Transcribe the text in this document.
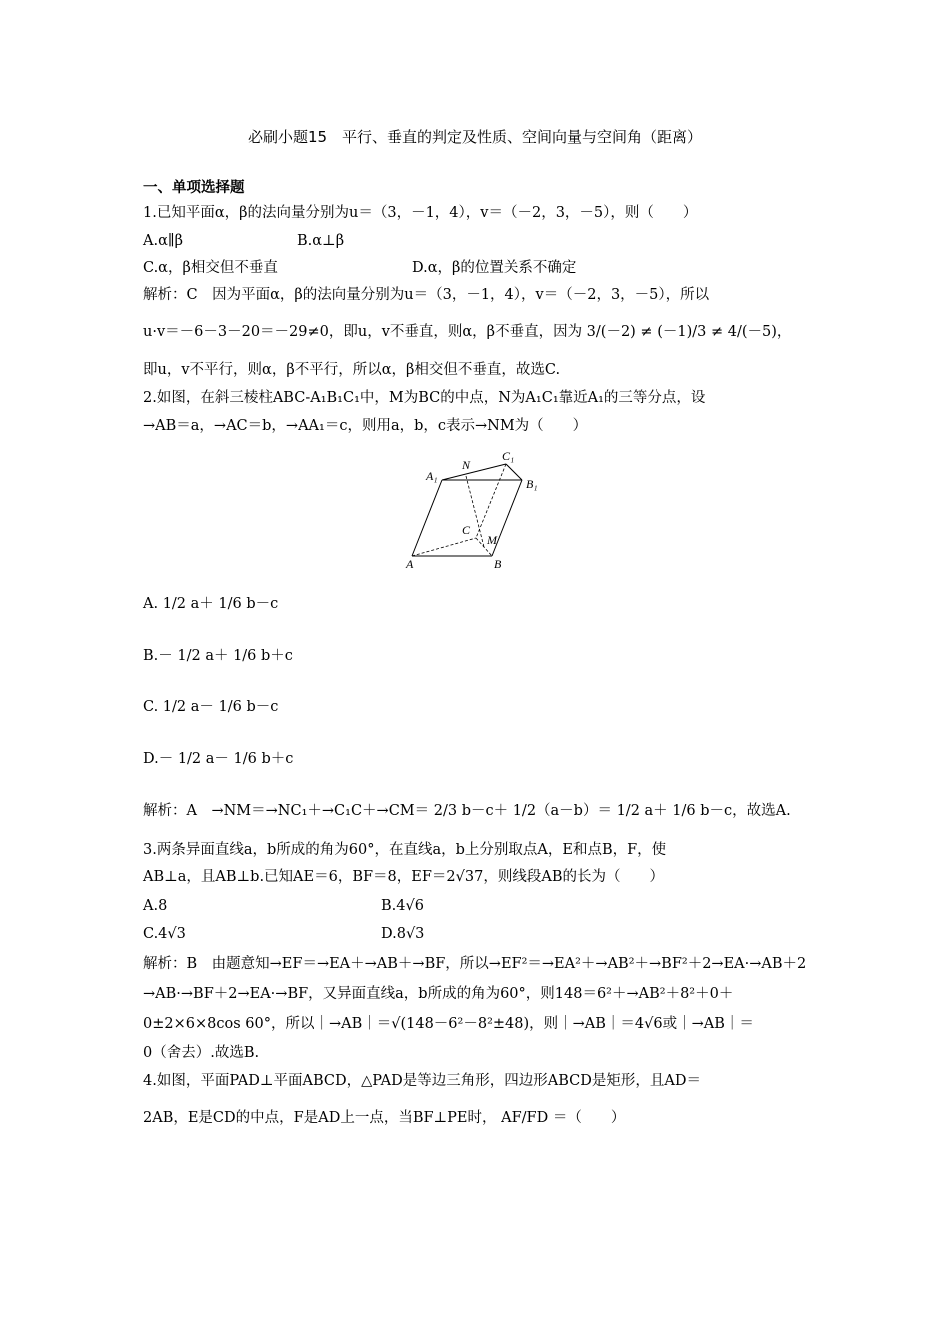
必刷小题15　平行、垂直的判定及性质、空间向量与空间角（距离）
一、单项选择题
1.已知平面α，β的法向量分别为u＝（3，－1，4），v＝（－2，3，－5），则（　　）
A.α∥β	B.α⊥β
C.α，β相交但不垂直	D.α，β的位置关系不确定
解析：C　因为平面α，β的法向量分别为u＝（3，－1，4），v＝（－2，3，－5），所以
u·v＝－6－3－20＝－29≠0，即u，v不垂直，则α，β不垂直，因为 3/(－2) ≠ (－1)/3 ≠ 4/(－5)，
即u，v不平行，则α，β不平行，所以α，β相交但不垂直，故选C.
2.如图，在斜三棱柱ABC-A₁B₁C₁中，M为BC的中点，N为A₁C₁靠近A₁的三等分点，设
→AB＝a，→AC＝b，→AA₁＝c，则用a，b，c表示→NM为（　　）
A₁
N
C₁
B₁
C
M
A	B
A. 1/2 a＋ 1/6 b－c
B.－ 1/2 a＋ 1/6 b＋c
C. 1/2 a－ 1/6 b－c
D.－ 1/2 a－ 1/6 b＋c
解析：A　→NM＝→NC₁＋→C₁C＋→CM＝ 2/3 b－c＋ 1/2（a－b）＝ 1/2 a＋ 1/6 b－c，故选A.
3.两条异面直线a，b所成的角为60°，在直线a，b上分别取点A，E和点B，F，使
AB⊥a，且AB⊥b.已知AE＝6，BF＝8，EF＝2√37，则线段AB的长为（　　）
A.8	B.4√6
C.4√3	D.8√3
解析：B　由题意知→EF＝→EA＋→AB＋→BF，所以→EF²＝→EA²＋→AB²＋→BF²＋2→EA·→AB＋2
→AB·→BF＋2→EA·→BF，又异面直线a，b所成的角为60°，则148＝6²＋→AB²＋8²＋0＋
0±2×6×8cos 60°，所以｜→AB｜＝√(148－6²－8²±48)，则｜→AB｜＝4√6或｜→AB｜＝
0（舍去）.故选B.
4.如图，平面PAD⊥平面ABCD，△PAD是等边三角形，四边形ABCD是矩形，且AD＝
2AB，E是CD的中点，F是AD上一点，当BF⊥PE时， AF/FD ＝（　　）
